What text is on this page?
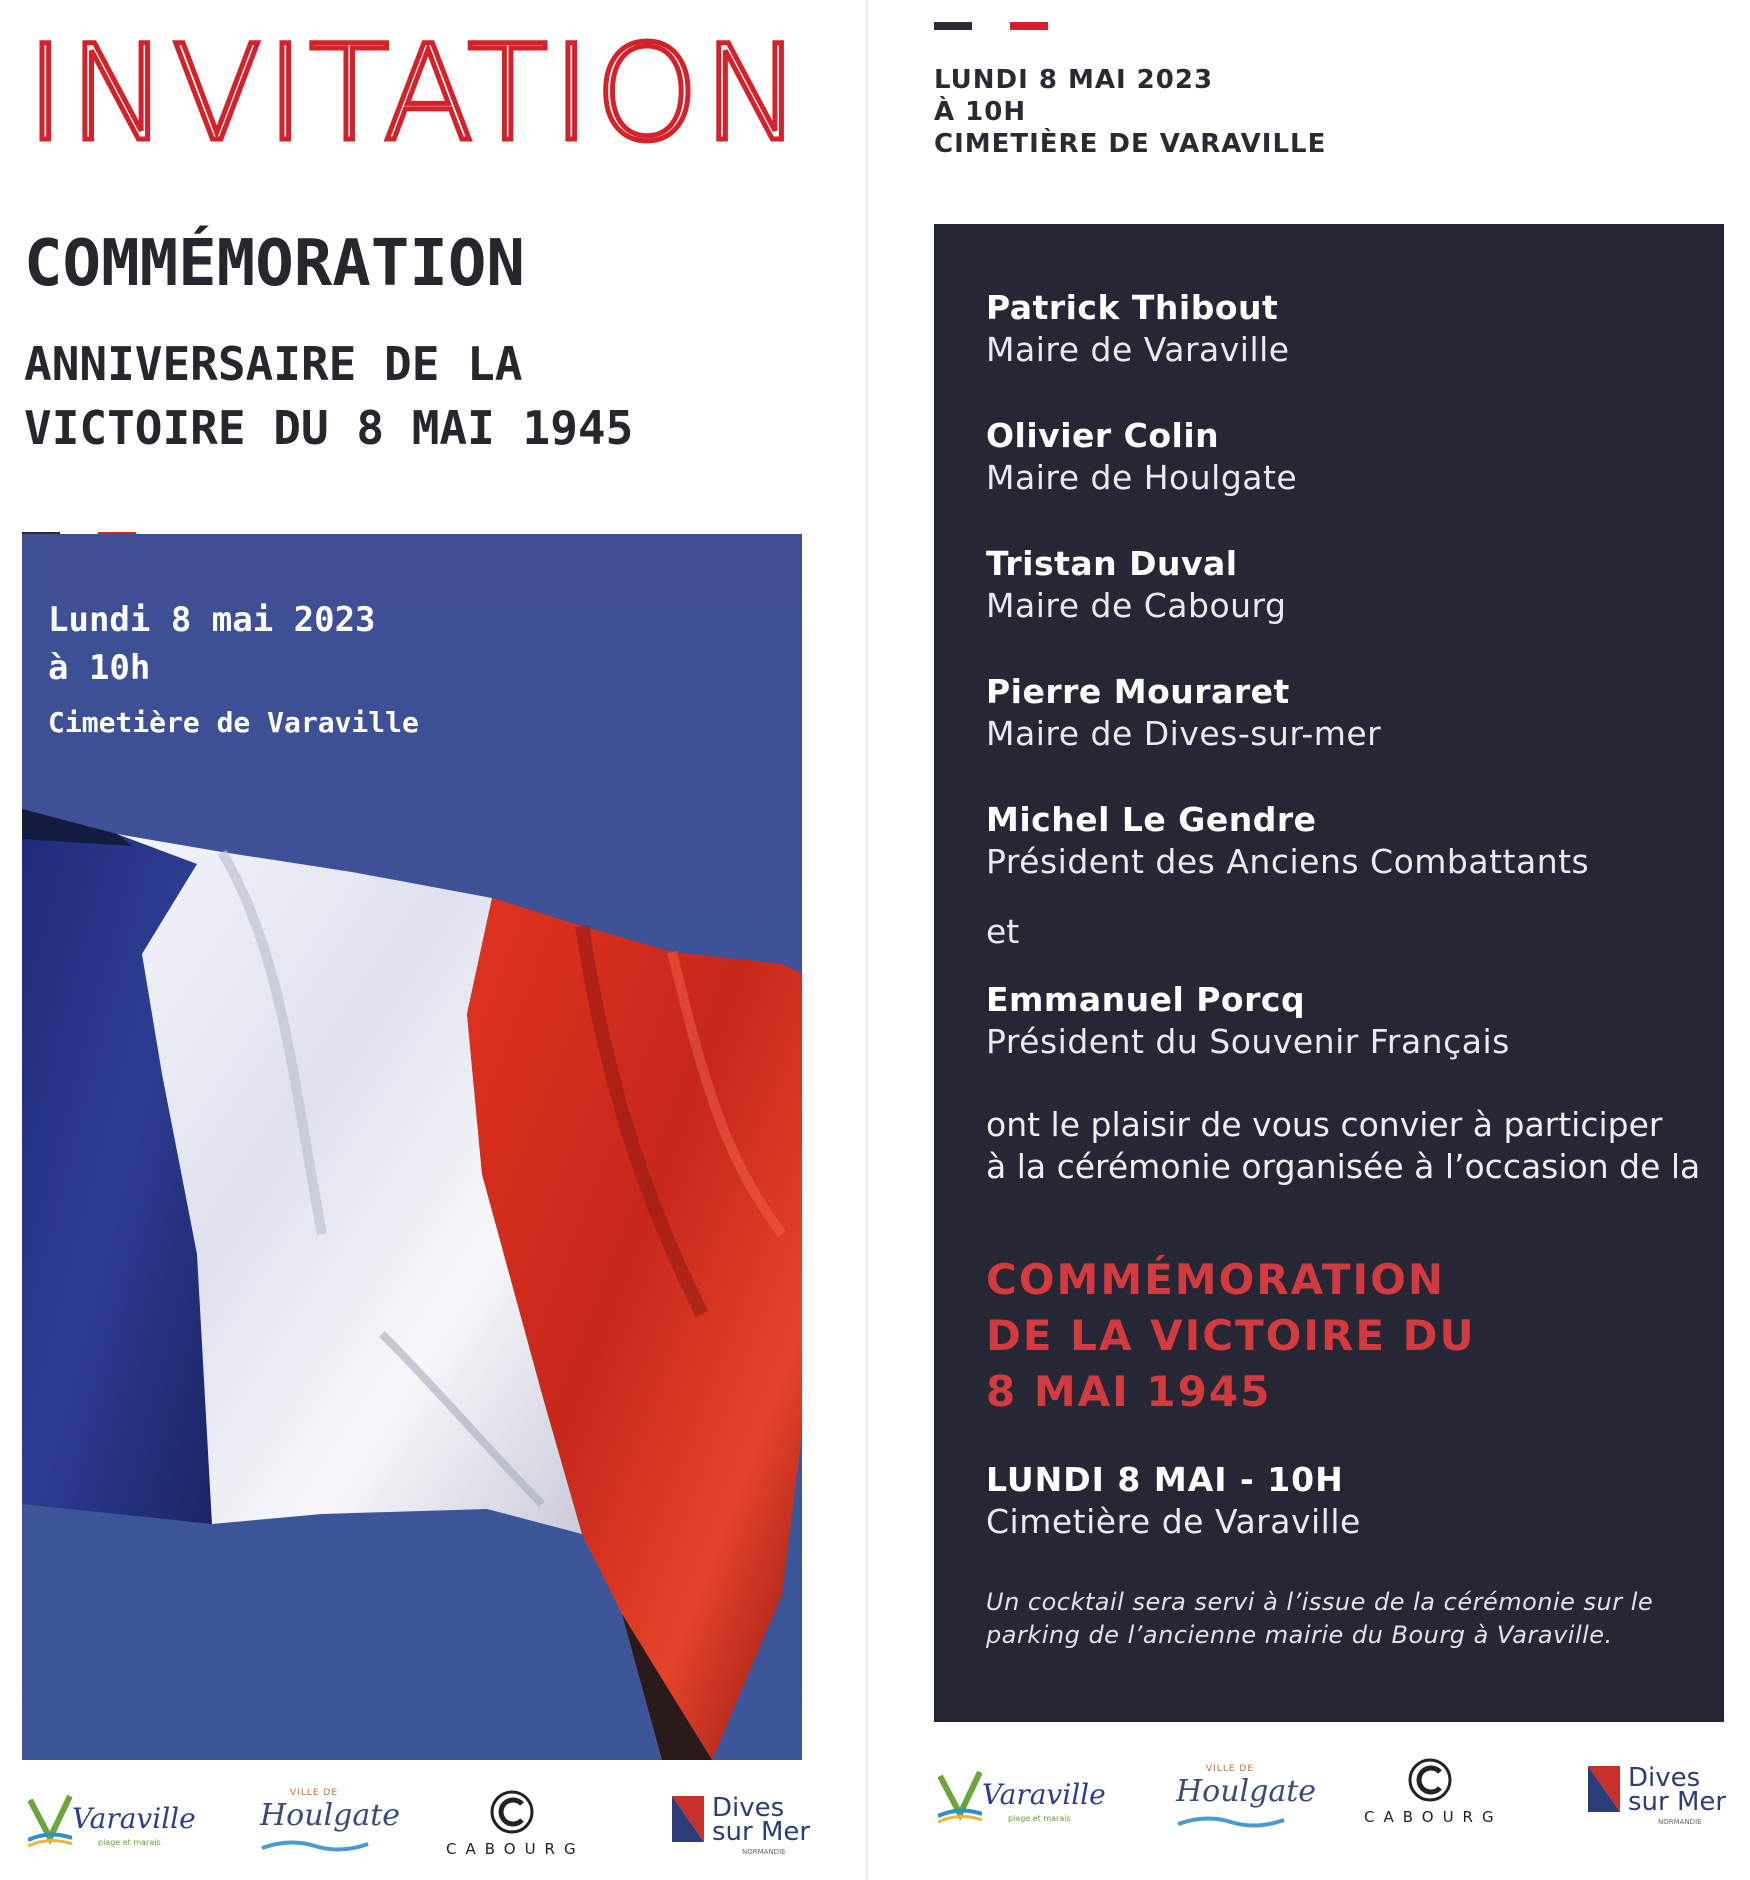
INVITATION
COMMÉMORATION
ANNIVERSAIRE DE LA
VICTOIRE DU 8 MAI 1945
Lundi 8 mai 2023
à 10h
Cimetière de Varaville
Varaville
plage et marais
VILLE DE
Houlgate
CABOURG
Dives
sur Mer
NORMANDIE
LUNDI 8 MAI 2023
À 10H
CIMETIÈRE DE VARAVILLE
Patrick Thibout
Maire de Varaville
Olivier Colin
Maire de Houlgate
Tristan Duval
Maire de Cabourg
Pierre Mouraret
Maire de Dives-sur-mer
Michel Le Gendre
Président des Anciens Combattants
et
Emmanuel Porcq
Président du Souvenir Français
ont le plaisir de vous convier à participer
à la cérémonie organisée à l’occasion de la
COMMÉMORATION
DE LA VICTOIRE DU
8 MAI 1945
LUNDI 8 MAI - 10H
Cimetière de Varaville
Un cocktail sera servi à l’issue de la cérémonie sur le
parking de l’ancienne mairie du Bourg à Varaville.
Varaville
plage et marais
VILLE DE
Houlgate
CABOURG
Dives
sur Mer
NORMANDIE
